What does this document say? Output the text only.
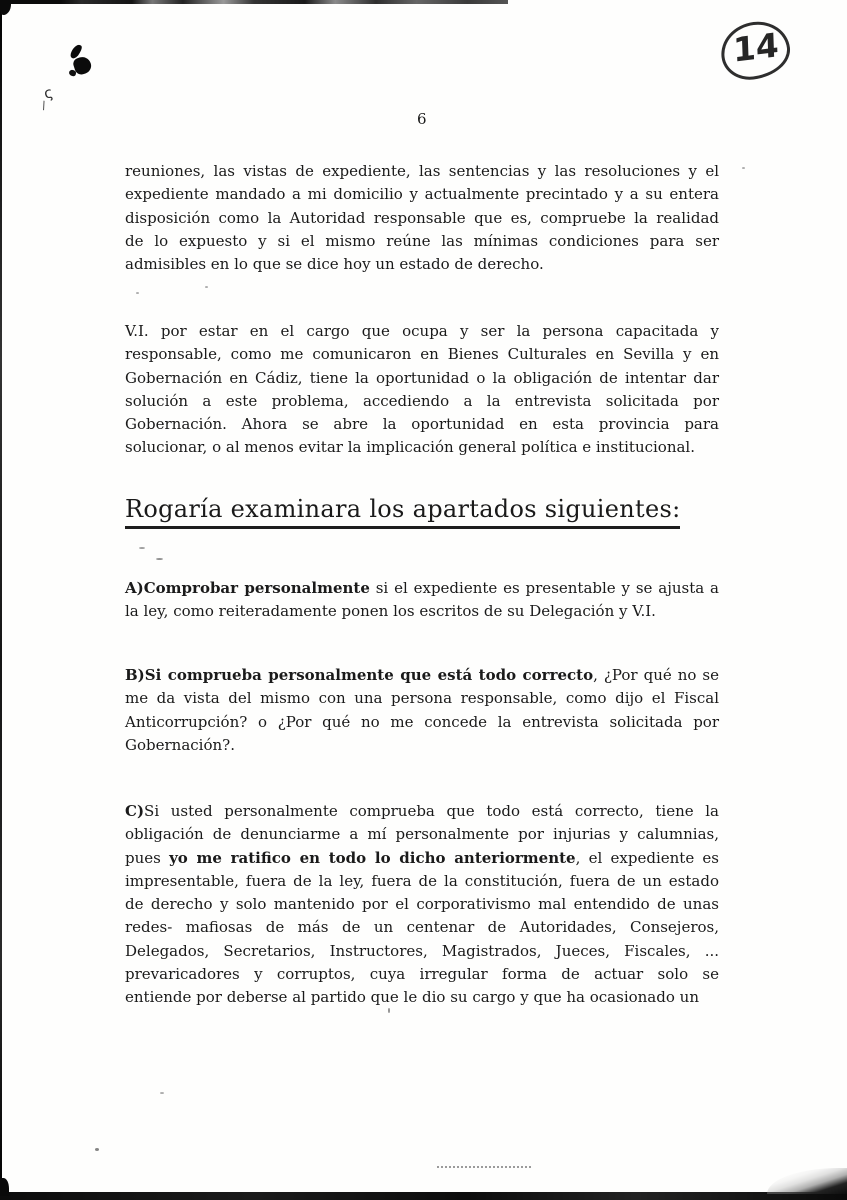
ς
\
14
6
reuniones, las vistas de expediente, las sentencias y las resoluciones y el
expediente mandado a mi domicilio y actualmente precintado y a su entera
disposición como la Autoridad responsable que es, compruebe la realidad
de lo expuesto y si el mismo reúne las mínimas condiciones para ser
admisibles en lo que se dice hoy un estado de derecho.
V.I. por estar en el cargo que ocupa y ser la persona capacitada y
responsable, como me comunicaron en Bienes Culturales en Sevilla y en
Gobernación en Cádiz, tiene la oportunidad o la obligación de intentar dar
solución a este problema, accediendo a la entrevista solicitada por
Gobernación. Ahora se abre la oportunidad en esta provincia para
solucionar, o al menos evitar la implicación general política e institucional.
Rogaría examinara los apartados siguientes:
A)Comprobar personalmente si el expediente es presentable y se ajusta a
la ley, como reiteradamente ponen los escritos de su Delegación y V.I.
B)Si comprueba personalmente que está todo correcto, ¿Por qué no se
me da vista del mismo con una persona responsable, como dijo el Fiscal
Anticorrupción? o ¿Por qué no me concede la entrevista solicitada por
Gobernación?.
C)Si usted personalmente comprueba que todo está correcto, tiene la
obligación de denunciarme a mí personalmente por injurias y calumnias,
pues yo me ratifico en todo lo dicho anteriormente, el expediente es
impresentable, fuera de la ley, fuera de la constitución, fuera de un estado
de derecho y solo mantenido por el corporativismo mal entendido de unas
redes- mafiosas de más de un centenar de Autoridades, Consejeros,
Delegados, Secretarios, Instructores, Magistrados, Jueces, Fiscales, ...
prevaricadores y corruptos, cuya irregular forma de actuar solo se
entiende por deberse al partido que le dio su cargo y que ha ocasionado un
